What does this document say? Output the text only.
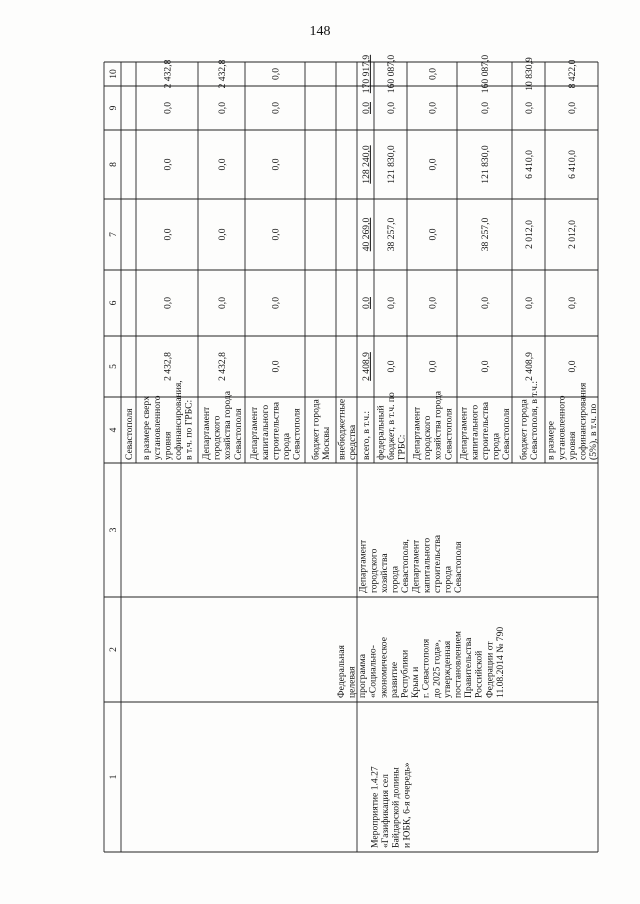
148
1
2
3
4
5
6
7
8
9
10
Мероприятие 1.4.27 «Газификация сел Байдарской долины и ЮБК, 6-я очередь»
Федеральная целевая программа «Социально- экономическое развитие Республики Крым и г. Севастополя до 2025 года», утвержденная постановлением Правительства Российской Федерации от 11.08.2014 № 790
Департамент городского хозяйства города Севастополя, Департамент капитального строительства города Севастополя
Севастополя в размере сверх установленного уровня софинансирования, в т.ч. по ГРБС:
2 432,8
0,0
0,0
0,0
0,0
2 432,8
Департамент городского хозяйства города Севастополя
2 432,8
0,0
0,0
0,0
0,0
2 432,8
Департамент капитального строительства города Севастополя
0,0
0,0
0,0
0,0
0,0
0,0
бюджет города Москвы внебюджетные средства всего, в т.ч.:
2 408,9
0,0
40 269,0
128 240,0
0,0
170 917,9
федеральный бюджет, в т.ч. по ГРБС:
0,0
0,0
38 257,0
121 830,0
0,0
160 087,0
Департамент городского хозяйства города Севастополя
0,0
0,0
0,0
0,0
0,0
0,0
Департамент капитального строительства города Севастополя
0,0
0,0
38 257,0
121 830,0
0,0
160 087,0
бюджет города Севастополя, в т.ч.:
2 408,9
0,0
2 012,0
6 410,0
0,0
10 830,9
в размере установленного уровня софинансирования (5%), в т.ч. по
0,0
0,0
2 012,0
6 410,0
0,0
8 422,0
